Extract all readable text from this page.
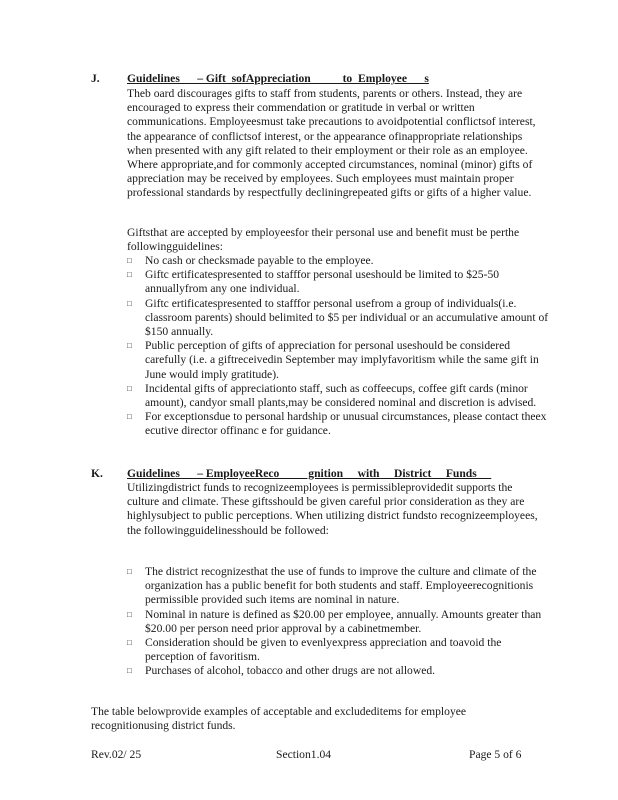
J. Guidelines      – Gift  sofAppreciation           to  Employee      s

Theb oard discourages gifts to staff from students, parents or others. Instead, they are encouraged to express their commendation or gratitude in verbal or written communications. Employeesmust take precautions to avoidpotential conflictsof interest, the appearance of conflictsof interest, or the appearance ofinappropriate relationships when presented with any gift related to their employment or their role as an employee. Where appropriate,and for commonly accepted circumstances, nominal (minor) gifts of appreciation may be received by employees. Such employees must maintain proper professional standards by respectfully decliningrepeated gifts or gifts of a higher value.

Giftsthat are accepted by employeesfor their personal use and benefit must be perthe followingguidelines:

□	No cash or checksmade payable to the employee.
□	Giftc ertificatespresented to stafffor personal useshould be limited to $25-50 annuallyfrom any one individual.
□	Giftc ertificatespresented to stafffor personal usefrom a group of individuals(i.e. classroom parents) should belimited to $5 per individual or an accumulative amount of $150 annually.
□	Public perception of gifts of appreciation for personal useshould be considered carefully (i.e. a giftreceivedin September may implyfavoritism while the same gift in June would imply gratitude).
□	Incidental gifts of appreciationto staff, such as coffeecups, coffee gift cards (minor amount), candyor small plants,may be considered nominal and discretion is advised.
□	For exceptionsdue to personal hardship or unusual circumstances, please contact theex ecutive director offinanc e for guidance.
K. Guidelines      – EmployeeReco          gnition     with     District     Funds

Utilizingdistrict funds to recognizeemployees is permissibleprovidedit supports the culture and climate. These giftsshould be given careful prior consideration as they are highlysubject to public perceptions. When utilizing district fundsto recognizeemployees, the followingguidelinesshould be followed:

□	The district recognizesthat the use of funds to improve the culture and climate of the organization has a public benefit for both students and staff. Employeerecognitionis permissible provided such items are nominal in nature.
□	Nominal in nature is defined as $20.00 per employee, annually. Amounts greater than $20.00 per person need prior approval by a cabinetmember.
□	Consideration should be given to evenlyexpress appreciation and toavoid the perception of favoritism.
□	Purchases of alcohol, tobacco and other drugs are not allowed.
The table belowprovide examples of acceptable and excludeditems for employee recognitionusing district funds.
Rev.02/ 25	Section1.04	Page 5 of 6
